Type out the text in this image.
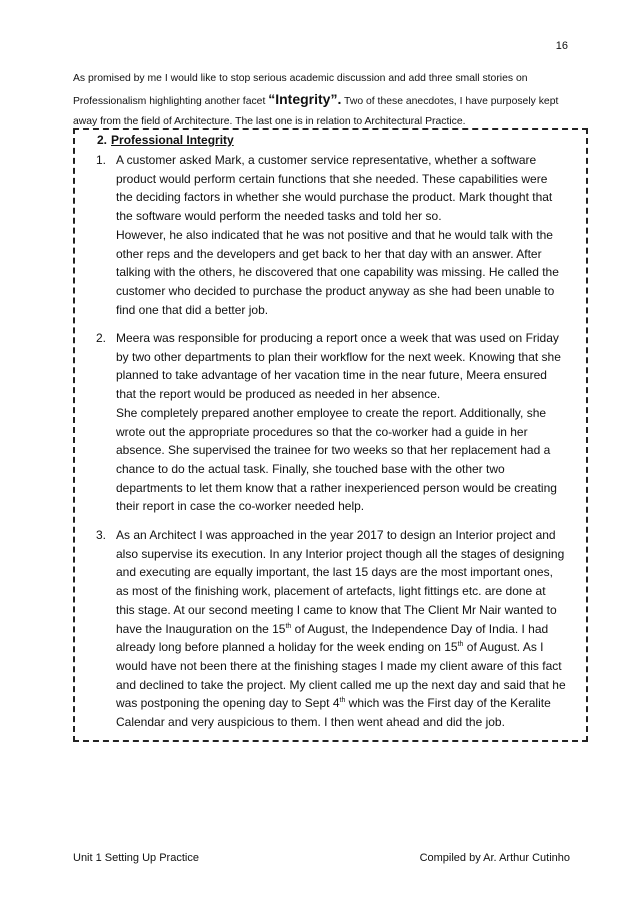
16
As promised by me I would like to stop serious academic discussion and add three small stories on Professionalism highlighting another facet “Integrity”. Two of these anecdotes, I have purposely kept away from the field of Architecture. The last one is in relation to Architectural Practice.
2. Professional Integrity
1. A customer asked Mark, a customer service representative, whether a software product would perform certain functions that she needed. These capabilities were the deciding factors in whether she would purchase the product. Mark thought that the software would perform the needed tasks and told her so.

However, he also indicated that he was not positive and that he would talk with the other reps and the developers and get back to her that day with an answer. After talking with the others, he discovered that one capability was missing. He called the customer who decided to purchase the product anyway as she had been unable to find one that did a better job.

2. Meera was responsible for producing a report once a week that was used on Friday by two other departments to plan their workflow for the next week. Knowing that she planned to take advantage of her vacation time in the near future, Meera ensured that the report would be produced as needed in her absence.

She completely prepared another employee to create the report. Additionally, she wrote out the appropriate procedures so that the co-worker had a guide in her absence. She supervised the trainee for two weeks so that her replacement had a chance to do the actual task. Finally, she touched base with the other two departments to let them know that a rather inexperienced person would be creating their report in case the co-worker needed help.

3. As an Architect I was approached in the year 2017 to design an Interior project and also supervise its execution. In any Interior project though all the stages of designing and executing are equally important, the last 15 days are the most important ones, as most of the finishing work, placement of artefacts, light fittings etc. are done at this stage. At our second meeting I came to know that The Client Mr Nair wanted to have the Inauguration on the 15th of August, the Independence Day of India. I had already long before planned a holiday for the week ending on 15th of August. As I would have not been there at the finishing stages I made my client aware of this fact and declined to take the project. My client called me up the next day and said that he was postponing the opening day to Sept 4th which was the First day of the Keralite Calendar and very auspicious to them. I then went ahead and did the job.

Unit 1 Setting Up Practice	Compiled by Ar. Arthur Cutinho
